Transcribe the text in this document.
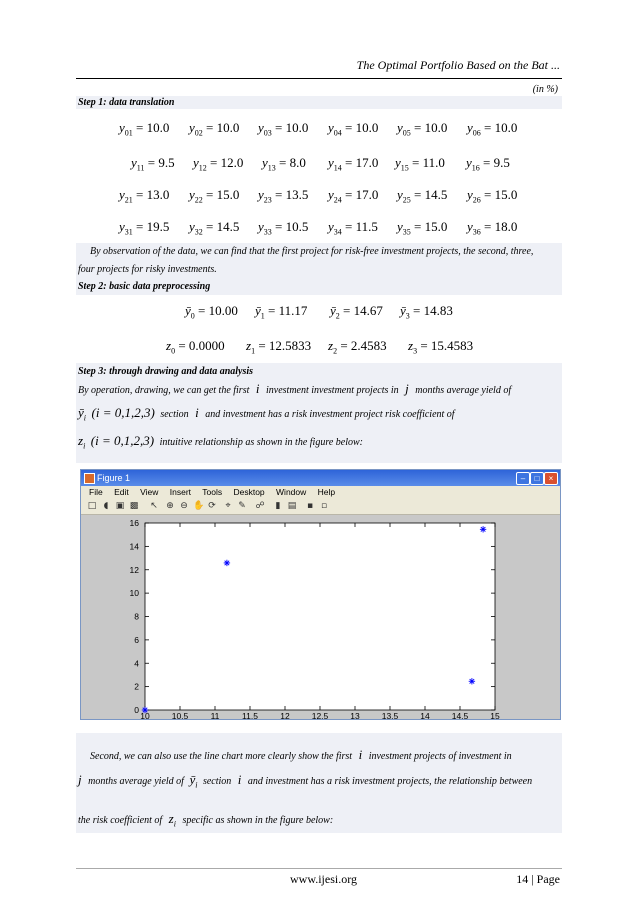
The Optimal Portfolio Based on the Bat ...
(in %)
Step 1: data translation
$y_{01} = 10.0$ $y_{02} = 10.0$ $y_{03} = 10.0$ $y_{04} = 10.0$ $y_{05} = 10.0$ $y_{06} = 10.0$
$y_{11} = 9.5$ $y_{12} = 12.0$ $y_{13} = 8.0$ $y_{14} = 17.0$ $y_{15} = 11.0$ $y_{16} = 9.5$
$y_{21} = 13.0$ $y_{22} = 15.0$ $y_{23} = 13.5$ $y_{24} = 17.0$ $y_{25} = 14.5$ $y_{26} = 15.0$
$y_{31} = 19.5$ $y_{32} = 14.5$ $y_{33} = 10.5$ $y_{34} = 11.5$ $y_{35} = 15.0$ $y_{36} = 18.0$
By observation of the data, we can find that the first project for risk-free investment projects, the second, three,
four projects for risky investments.
Step 2: basic data preprocessing
$ȳ_0 = 10.00$ $ȳ_1 = 11.17$ $ȳ_2 = 14.67$ $ȳ_3 = 14.83$
$z_0 = 0.0000$ $z_1 = 12.5833$ $z_2 = 2.4583$ $z_3 = 15.4583$
Step 3: through drawing and data analysis
By operation, drawing, we can get the first i investment investment projects in j months average yield of
$ȳ_i$ (i = 0,1,2,3) section i and investment has a risk investment project risk coefficient of
$z_i$ (i = 0,1,2,3) intuitive relationship as shown in the figure below:
Figure 1	–	□	×
File Edit View Insert Tools Desktop Window Help
□ ◖ ▣ ▩ ↖ ⊕ ⊖ ✋ ⟳ ⌖ ✎ ☍ ▮ ▤ ▪ ▫
0
2
4
6
8
10
12
14
16
10	10.5	11	11.5	12	12.5	13	13.5	14	14.5	15
Second, we can also use the line chart more clearly show the first i investment projects of investment in
j months average yield of $ȳ_i$ section i and investment has a risk investment projects, the relationship between
the risk coefficient of $z_i$ specific as shown in the figure below:
www.ijesi.org	14 | Page
